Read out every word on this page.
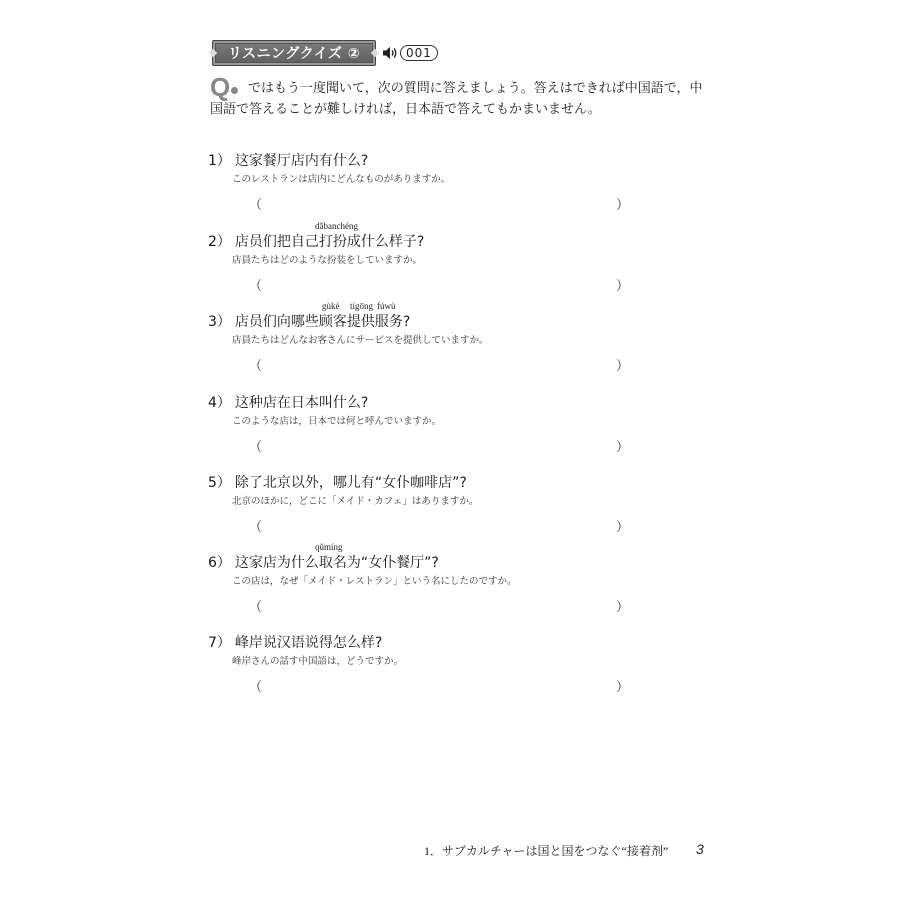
リスニングクイズ ②	001
Q	ではもう一度聞いて，次の質問に答えましょう。答えはできれば中国語で，中
国語で答えることが難しければ，日本語で答えてもかまいません。
1） 这家餐厅店内有什么?
このレストランは店内にどんなものがありますか。
（	）
dǎbanchéng
2） 店员们把自己打扮成什么样子?
店員たちはどのような扮装をしていますか。
（	）
gùkè tígōng fúwù
3） 店员们向哪些顾客提供服务?
店員たちはどんなお客さんにサービスを提供していますか。
（	）
4） 这种店在日本叫什么?
このような店は，日本では何と呼んでいますか。
（	）
5） 除了北京以外，哪儿有“女仆咖啡店”?
北京のほかに，どこに「メイド・カフェ」はありますか。
（	）
qǔmíng
6） 这家店为什么取名为“女仆餐厅”?
この店は，なぜ「メイド・レストラン」という名にしたのですか。
（	）
7） 峰岸说汉语说得怎么样?
峰岸さんの話す中国語は，どうですか。
（	）
1．サブカルチャーは国と国をつなぐ“接着剂” 3
